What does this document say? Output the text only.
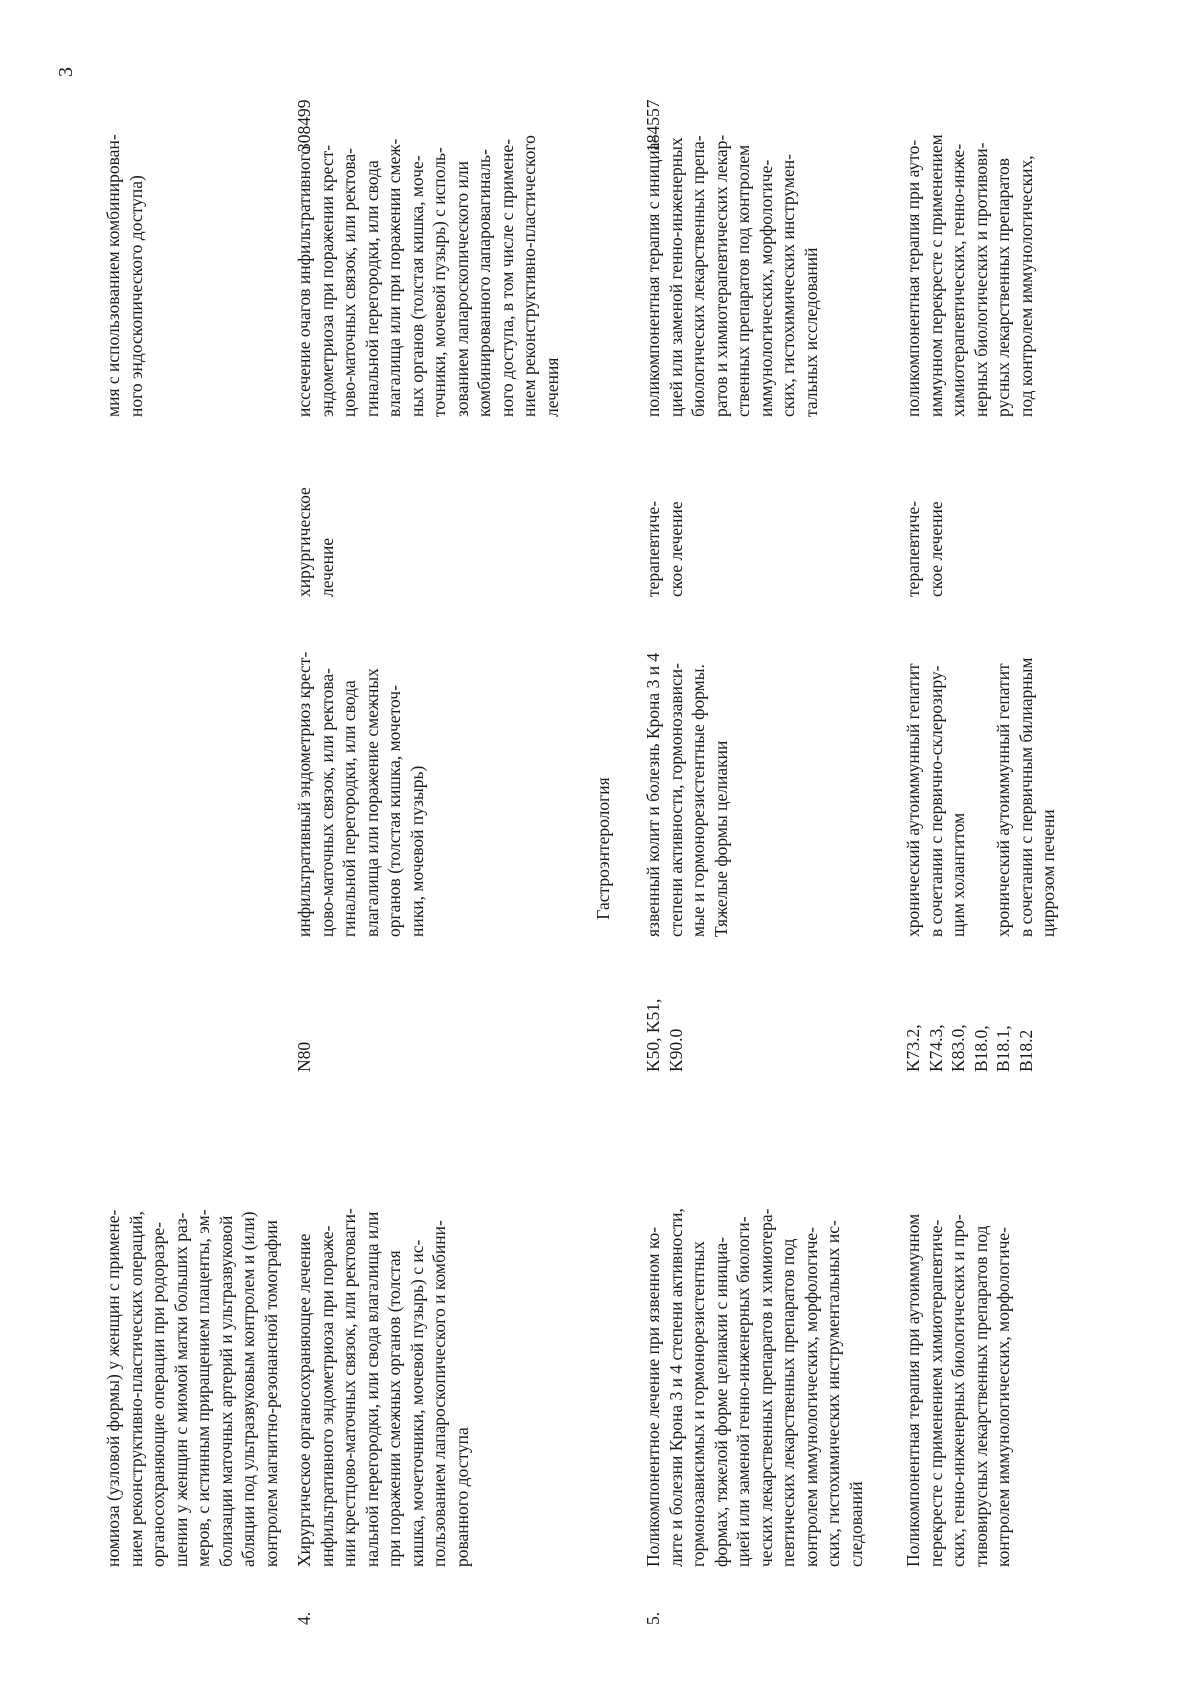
3
номиоза (узловой формы) у женщин с примене- нием реконструктивно-пластических операций, органосохраняющие операции при родоразре- шении у женщин с миомой матки больших раз- меров, с истинным приращением плаценты, эм- болизации маточных артерий и ультразвуковой абляции под ультразвуковым контролем и (или) контролем магнитно-резонансной томографии
мия с использованием комбинирован- ного эндоскопического доступа)
4.
Хирургическое органосохраняющее лечение инфильтративного эндометриоза при пораже- нии крестцово-маточных связок, или ректоваги- нальной перегородки, или свода влагалища или при поражении смежных органов (толстая кишка, мочеточники, мочевой пузырь) с ис- пользованием лапароскопического и комбини- рованного доступа
N80
инфильтративный эндометриоз крест- цово-маточных связок, или ректова- гинальной перегородки, или свода влагалища или поражение смежных органов (толстая кишка, мочеточ- ники, мочевой пузырь)
хирургическое лечение
иссечение очагов инфильтративного эндометриоза при поражении крест- цово-маточных связок, или ректова- гинальной перегородки, или свода влагалища или при поражении смеж- ных органов (толстая кишка, моче- точники, мочевой пузырь) с исполь- зованием лапароскопического или комбинированного лапаровагиналь- ного доступа, в том числе с примене- нием реконструктивно-пластического лечения
308499
Гастроэнтерология
5.
Поликомпонентное лечение при язвенном ко- лите и болезни Крона 3 и 4 степени активности, гормонозависимых и гормонорезистентных формах, тяжелой форме целиакии с инициа- цией или заменой генно-инженерных биологи- ческих лекарственных препаратов и химиотера- певтических лекарственных препаратов под контролем иммунологических, морфологиче- ских, гистохимических инструментальных ис- следований
K50, K51, K90.0
язвенный колит и болезнь Крона 3 и 4 степени активности, гормонозависи- мые и гормонорезистентные формы. Тяжелые формы целиакии
терапевтиче- ское лечение
поликомпонентная терапия с инициа- цией или заменой генно-инженерных биологических лекарственных препа- ратов и химиотерапевтических лекар- ственных препаратов под контролем иммунологических, морфологиче- ских, гистохимических инструмен- тальных исследований
184557
Поликомпонентная терапия при аутоиммунном перекресте с применением химиотерапевтиче- ских, генно-инженерных биологических и про- тивовирусных лекарственных препаратов под контролем иммунологических, морфологиче-
K73.2, K74.3, K83.0, B18.0, B18.1, B18.2
хронический аутоиммунный гепатит в сочетании с первично-склерозиру- щим холангитом
хронический аутоиммунный гепатит в сочетании с первичным билиарным циррозом печени
терапевтиче- ское лечение
поликомпонентная терапия при ауто- иммунном перекресте с применением химиотерапевтических, генно-инже- нерных биологических и противови- русных лекарственных препаратов под контролем иммунологических,
